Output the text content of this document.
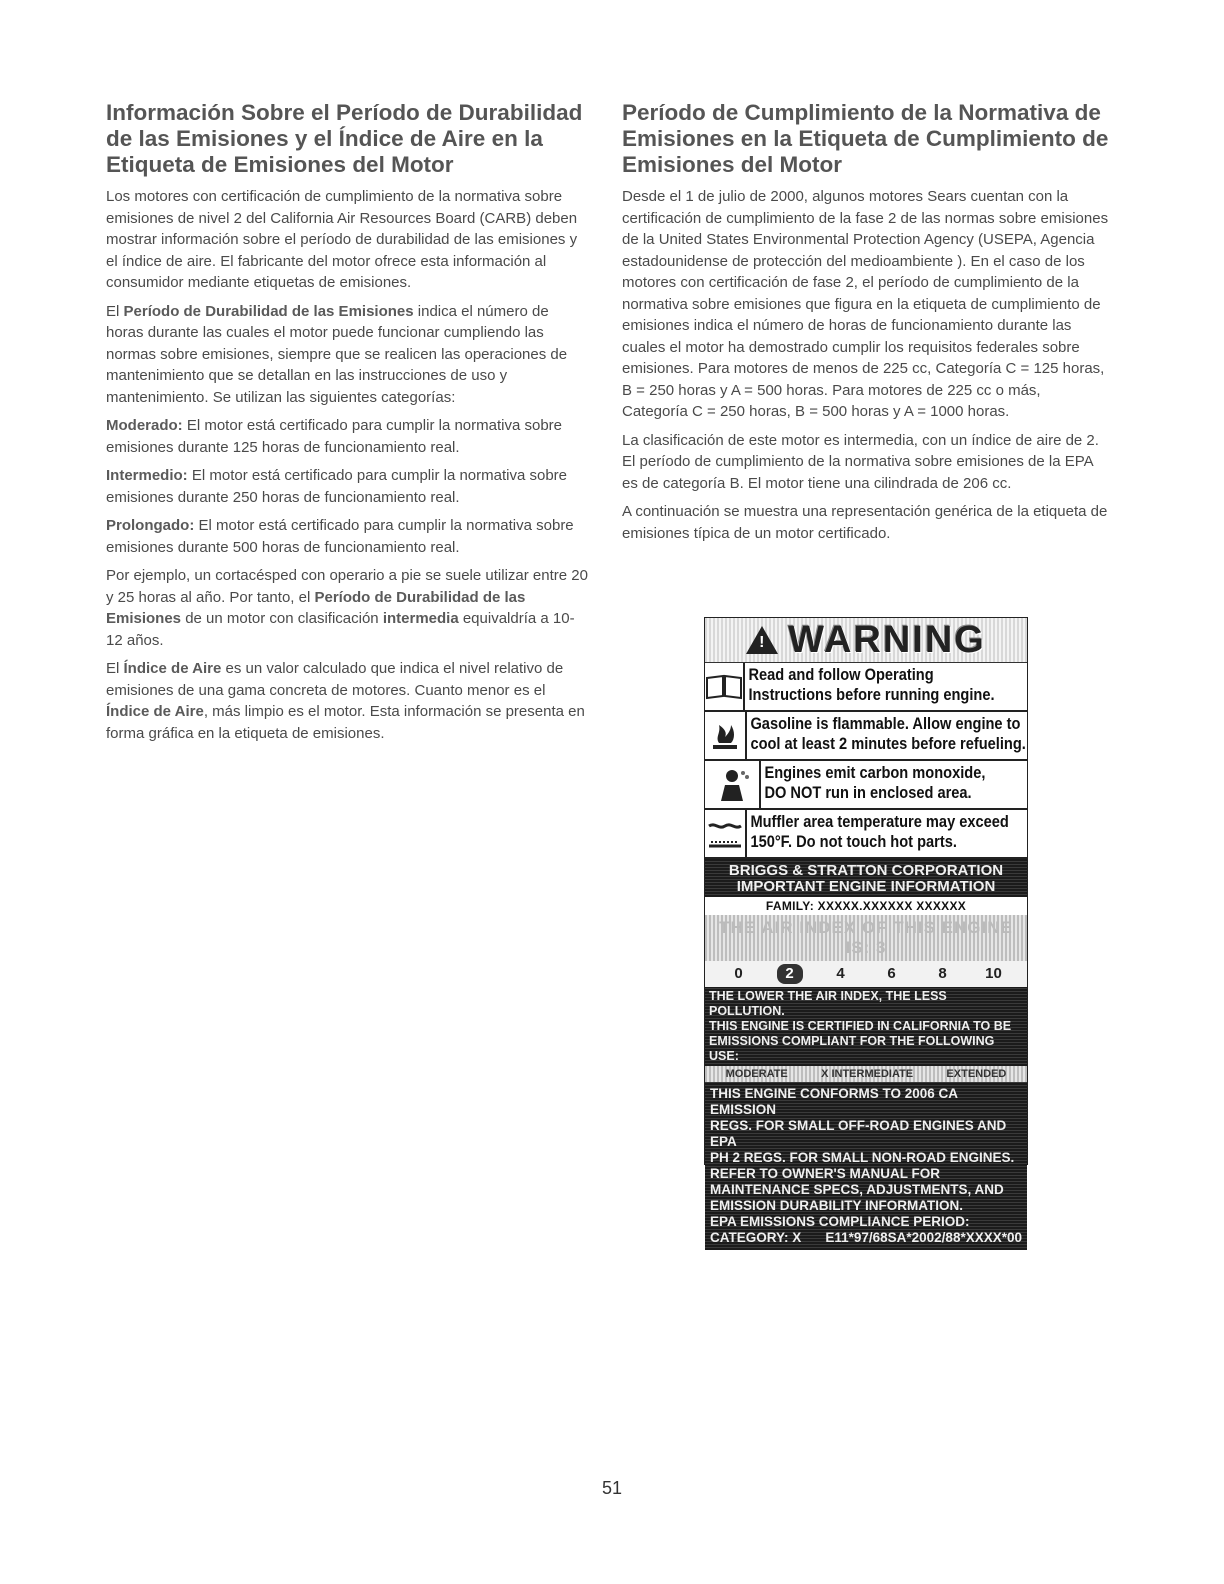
Información Sobre el Período de Durabilidad de las Emisiones y el Índice de Aire en la Etiqueta de Emisiones del Motor

Los motores con certificación de cumplimiento de la normativa sobre emisiones de nivel 2 del California Air Resources Board (CARB) deben mostrar información sobre el período de durabilidad de las emisiones y el índice de aire. El fabricante del motor ofrece esta información al consumidor mediante etiquetas de emisiones.

El Período de Durabilidad de las Emisiones indica el número de horas durante las cuales el motor puede funcionar cumpliendo las normas sobre emisiones, siempre que se realicen las operaciones de mantenimiento que se detallan en las instrucciones de uso y mantenimiento. Se utilizan las siguientes categorías:

Moderado: El motor está certificado para cumplir la normativa sobre emisiones durante 125 horas de funcionamiento real.

Intermedio: El motor está certificado para cumplir la normativa sobre emisiones durante 250 horas de funcionamiento real.

Prolongado: El motor está certificado para cumplir la normativa sobre emisiones durante 500 horas de funcionamiento real.

Por ejemplo, un cortacésped con operario a pie se suele utilizar entre 20 y 25 horas al año. Por tanto, el Período de Durabilidad de las Emisiones de un motor con clasificación intermedia equivaldría a 10-12 años.

El Índice de Aire es un valor calculado que indica el nivel relativo de emisiones de una gama concreta de motores. Cuanto menor es el Índice de Aire, más limpio es el motor. Esta información se presenta en forma gráfica en la etiqueta de emisiones.

Período de Cumplimiento de la Normativa de Emisiones en la Etiqueta de Cumplimiento de Emisiones del Motor

Desde el 1 de julio de 2000, algunos motores Sears cuentan con la certificación de cumplimiento de la fase 2 de las normas sobre emisiones de la United States Environmental Protection Agency (USEPA, Agencia estadounidense de protección del medioambiente ). En el caso de los motores con certificación de fase 2, el período de cumplimiento de la normativa sobre emisiones que figura en la etiqueta de cumplimiento de emisiones indica el número de horas de funcionamiento durante las cuales el motor ha demostrado cumplir los requisitos federales sobre emisiones. Para motores de menos de 225 cc, Categoría C = 125 horas, B = 250 horas y A = 500 horas. Para motores de 225 cc o más, Categoría C = 250 horas, B = 500 horas y A = 1000 horas.

La clasificación de este motor es intermedia, con un índice de aire de 2. El período de cumplimiento de la normativa sobre emisiones de la EPA es de categoría B. El motor tiene una cilindrada de 206 cc.

A continuación se muestra una representación genérica de la etiqueta de emisiones típica de un motor certificado.

! WARNING
Read and follow Operating
Instructions before running engine.
Gasoline is flammable. Allow engine to
cool at least 2 minutes before refueling.
Engines emit carbon monoxide,
DO NOT run in enclosed area.
Muffler area temperature may exceed
150°F. Do not touch hot parts.
BRIGGS & STRATTON CORPORATION
IMPORTANT ENGINE INFORMATION
FAMILY: XXXXX.XXXXXX XXXXXX
THE AIR INDEX OF THIS ENGINE IS: 3
0	2	4	6	8	10
THE LOWER THE AIR INDEX, THE LESS POLLUTION.
THIS ENGINE IS CERTIFIED IN CALIFORNIA TO BE
EMISSIONS COMPLIANT FOR THE FOLLOWING USE:
MODERATE	X INTERMEDIATE	EXTENDED
THIS ENGINE CONFORMS TO 2006 CA EMISSION
REGS. FOR SMALL OFF-ROAD ENGINES AND EPA
PH 2 REGS. FOR SMALL NON-ROAD ENGINES.
REFER TO OWNER'S MANUAL FOR
MAINTENANCE SPECS, ADJUSTMENTS, AND
EMISSION DURABILITY INFORMATION.
EPA EMISSIONS COMPLIANCE PERIOD:
CATEGORY: X E11*97/68SA*2002/88*XXXX*00
51
